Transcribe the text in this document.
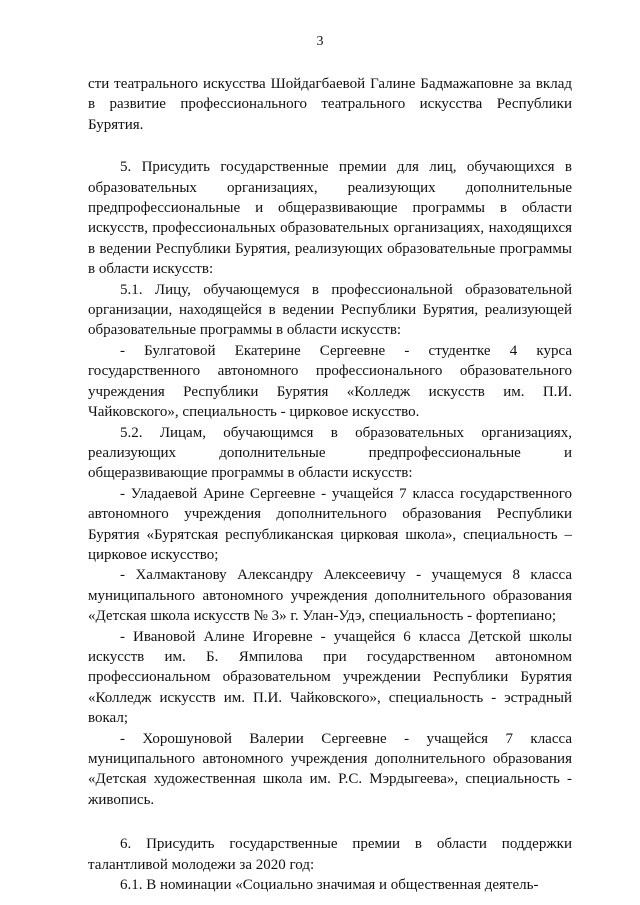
3

сти театрального искусства Шойдагбаевой Галине Бадмажаповне за вклад в развитие профессионального театрального искусства Республики Бурятия.

5. Присудить государственные премии для лиц, обучающихся в образовательных организациях, реализующих дополнительные предпрофессиональные и общеразвивающие программы в области искусств, профессиональных образовательных организациях, находящихся в ведении Республики Бурятия, реализующих образовательные программы в области искусств:

5.1. Лицу, обучающемуся в профессиональной образовательной организации, находящейся в ведении Республики Бурятия, реализующей образовательные программы в области искусств:

- Булгатовой Екатерине Сергеевне - студентке 4 курса государственного автономного профессионального образовательного учреждения Республики Бурятия «Колледж искусств им. П.И. Чайковского», специальность - цирковое искусство.

5.2. Лицам, обучающимся в образовательных организациях, реализующих дополнительные предпрофессиональные и общеразвивающие программы в области искусств:

- Уладаевой Арине Сергеевне - учащейся 7 класса государственного автономного учреждения дополнительного образования Республики Бурятия «Бурятская республиканская цирковая школа», специальность – цирковое искусство;

- Халмактанову Александру Алексеевичу - учащемуся 8 класса муниципального автономного учреждения дополнительного образования «Детская школа искусств № 3» г. Улан-Удэ, специальность - фортепиано;

- Ивановой Алине Игоревне - учащейся 6 класса Детской школы искусств им. Б. Ямпилова при государственном автономном профессиональном образовательном учреждении Республики Бурятия «Колледж искусств им. П.И. Чайковского», специальность - эстрадный вокал;

- Хорошуновой Валерии Сергеевне - учащейся 7 класса муниципального автономного учреждения дополнительного образования «Детская художественная школа им. Р.С. Мэрдыгеева», специальность - живопись.

6. Присудить государственные премии в области поддержки талантливой молодежи за 2020 год:

6.1. В номинации «Социально значимая и общественная деятель-
